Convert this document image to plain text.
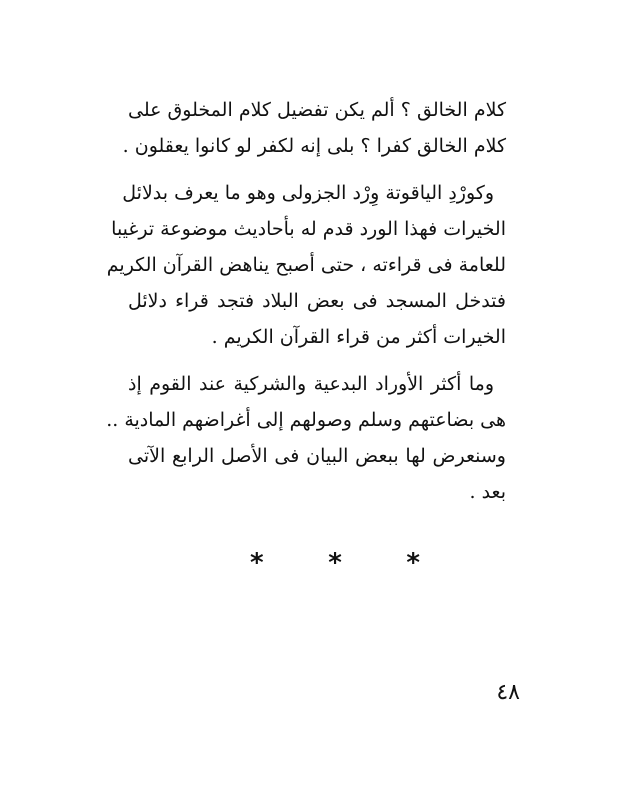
كلام الخالق ؟ ألم يكن تفضيل كلام المخلوق على
كلام الخالق كفرا ؟ بلى إنه لكفر لو كانوا يعقلون .
وكورْدِ الياقوتة وِرْد الجزولى وهو ما يعرف بدلائل
الخيرات فهذا الورد قدم له بأحاديث موضوعة ترغيبا
للعامة فى قراءته ، حتى أصبح يناهض القرآن الكريم
فتدخل المسجد فى بعض البلاد فتجد قراء دلائل
الخيرات أكثر من قراء القرآن الكريم .
وما أكثر الأوراد البدعية والشركية عند القوم إذ
هى بضاعتهم وسلم وصولهم إلى أغراضهم المادية ..
وسنعرض لها ببعض البيان فى الأصل الرابع الآتى
بعد .
* * *
٤٨
